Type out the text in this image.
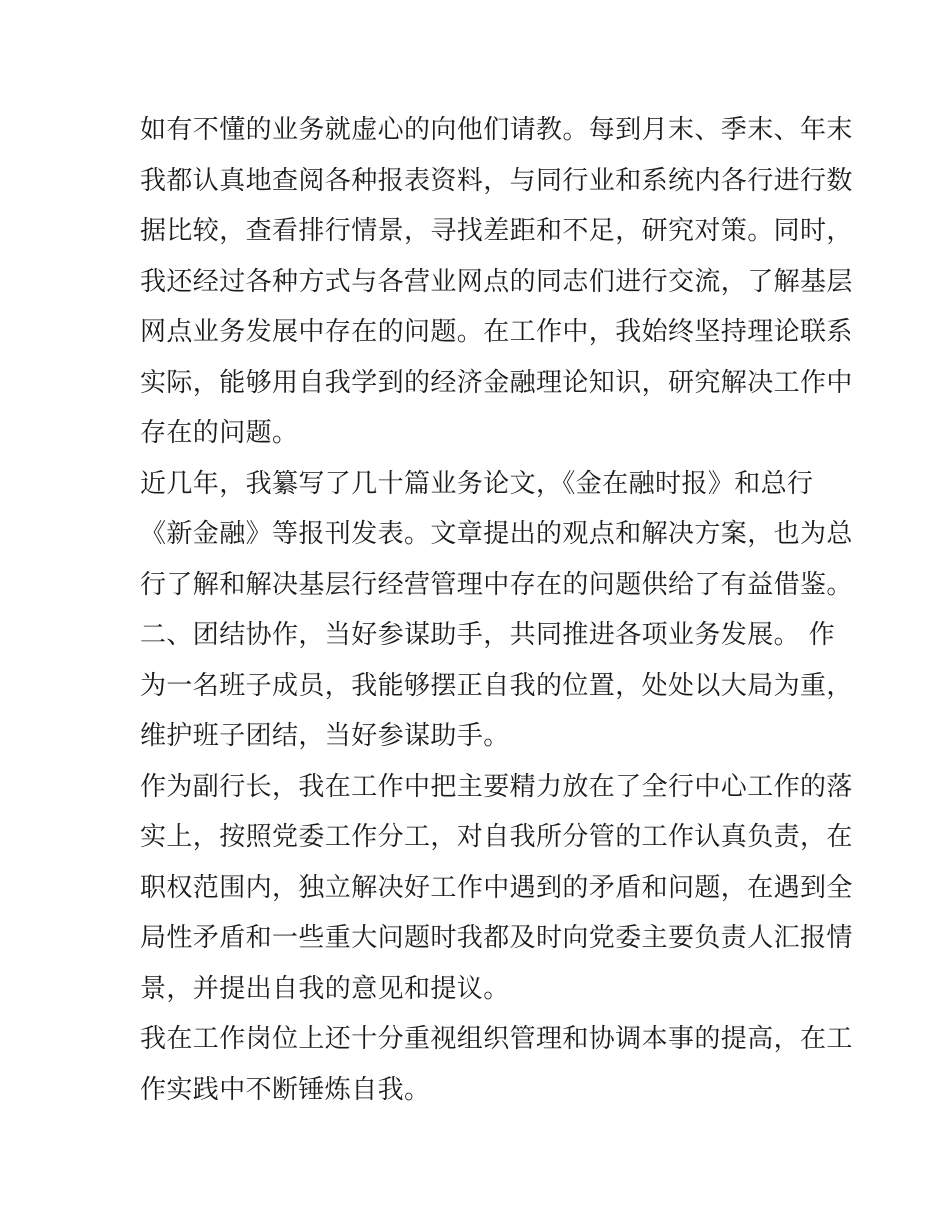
如有不懂的业务就虚心的向他们请教。每到月末、季末、年末
我都认真地查阅各种报表资料，与同行业和系统内各行进行数
据比较，查看排行情景，寻找差距和不足，研究对策。同时，
我还经过各种方式与各营业网点的同志们进行交流，了解基层
网点业务发展中存在的问题。在工作中，我始终坚持理论联系
实际，能够用自我学到的经济金融理论知识，研究解决工作中
存在的问题。
近几年，我纂写了几十篇业务论文，《金在融时报》和总行
《新金融》等报刊发表。文章提出的观点和解决方案，也为总
行了解和解决基层行经营管理中存在的问题供给了有益借鉴。
二、团结协作，当好参谋助手，共同推进各项业务发展。 作
为一名班子成员，我能够摆正自我的位置，处处以大局为重，
维护班子团结，当好参谋助手。
作为副行长，我在工作中把主要精力放在了全行中心工作的落
实上，按照党委工作分工，对自我所分管的工作认真负责，在
职权范围内，独立解决好工作中遇到的矛盾和问题，在遇到全
局性矛盾和一些重大问题时我都及时向党委主要负责人汇报情
景，并提出自我的意见和提议。
我在工作岗位上还十分重视组织管理和协调本事的提高，在工
作实践中不断锤炼自我。
